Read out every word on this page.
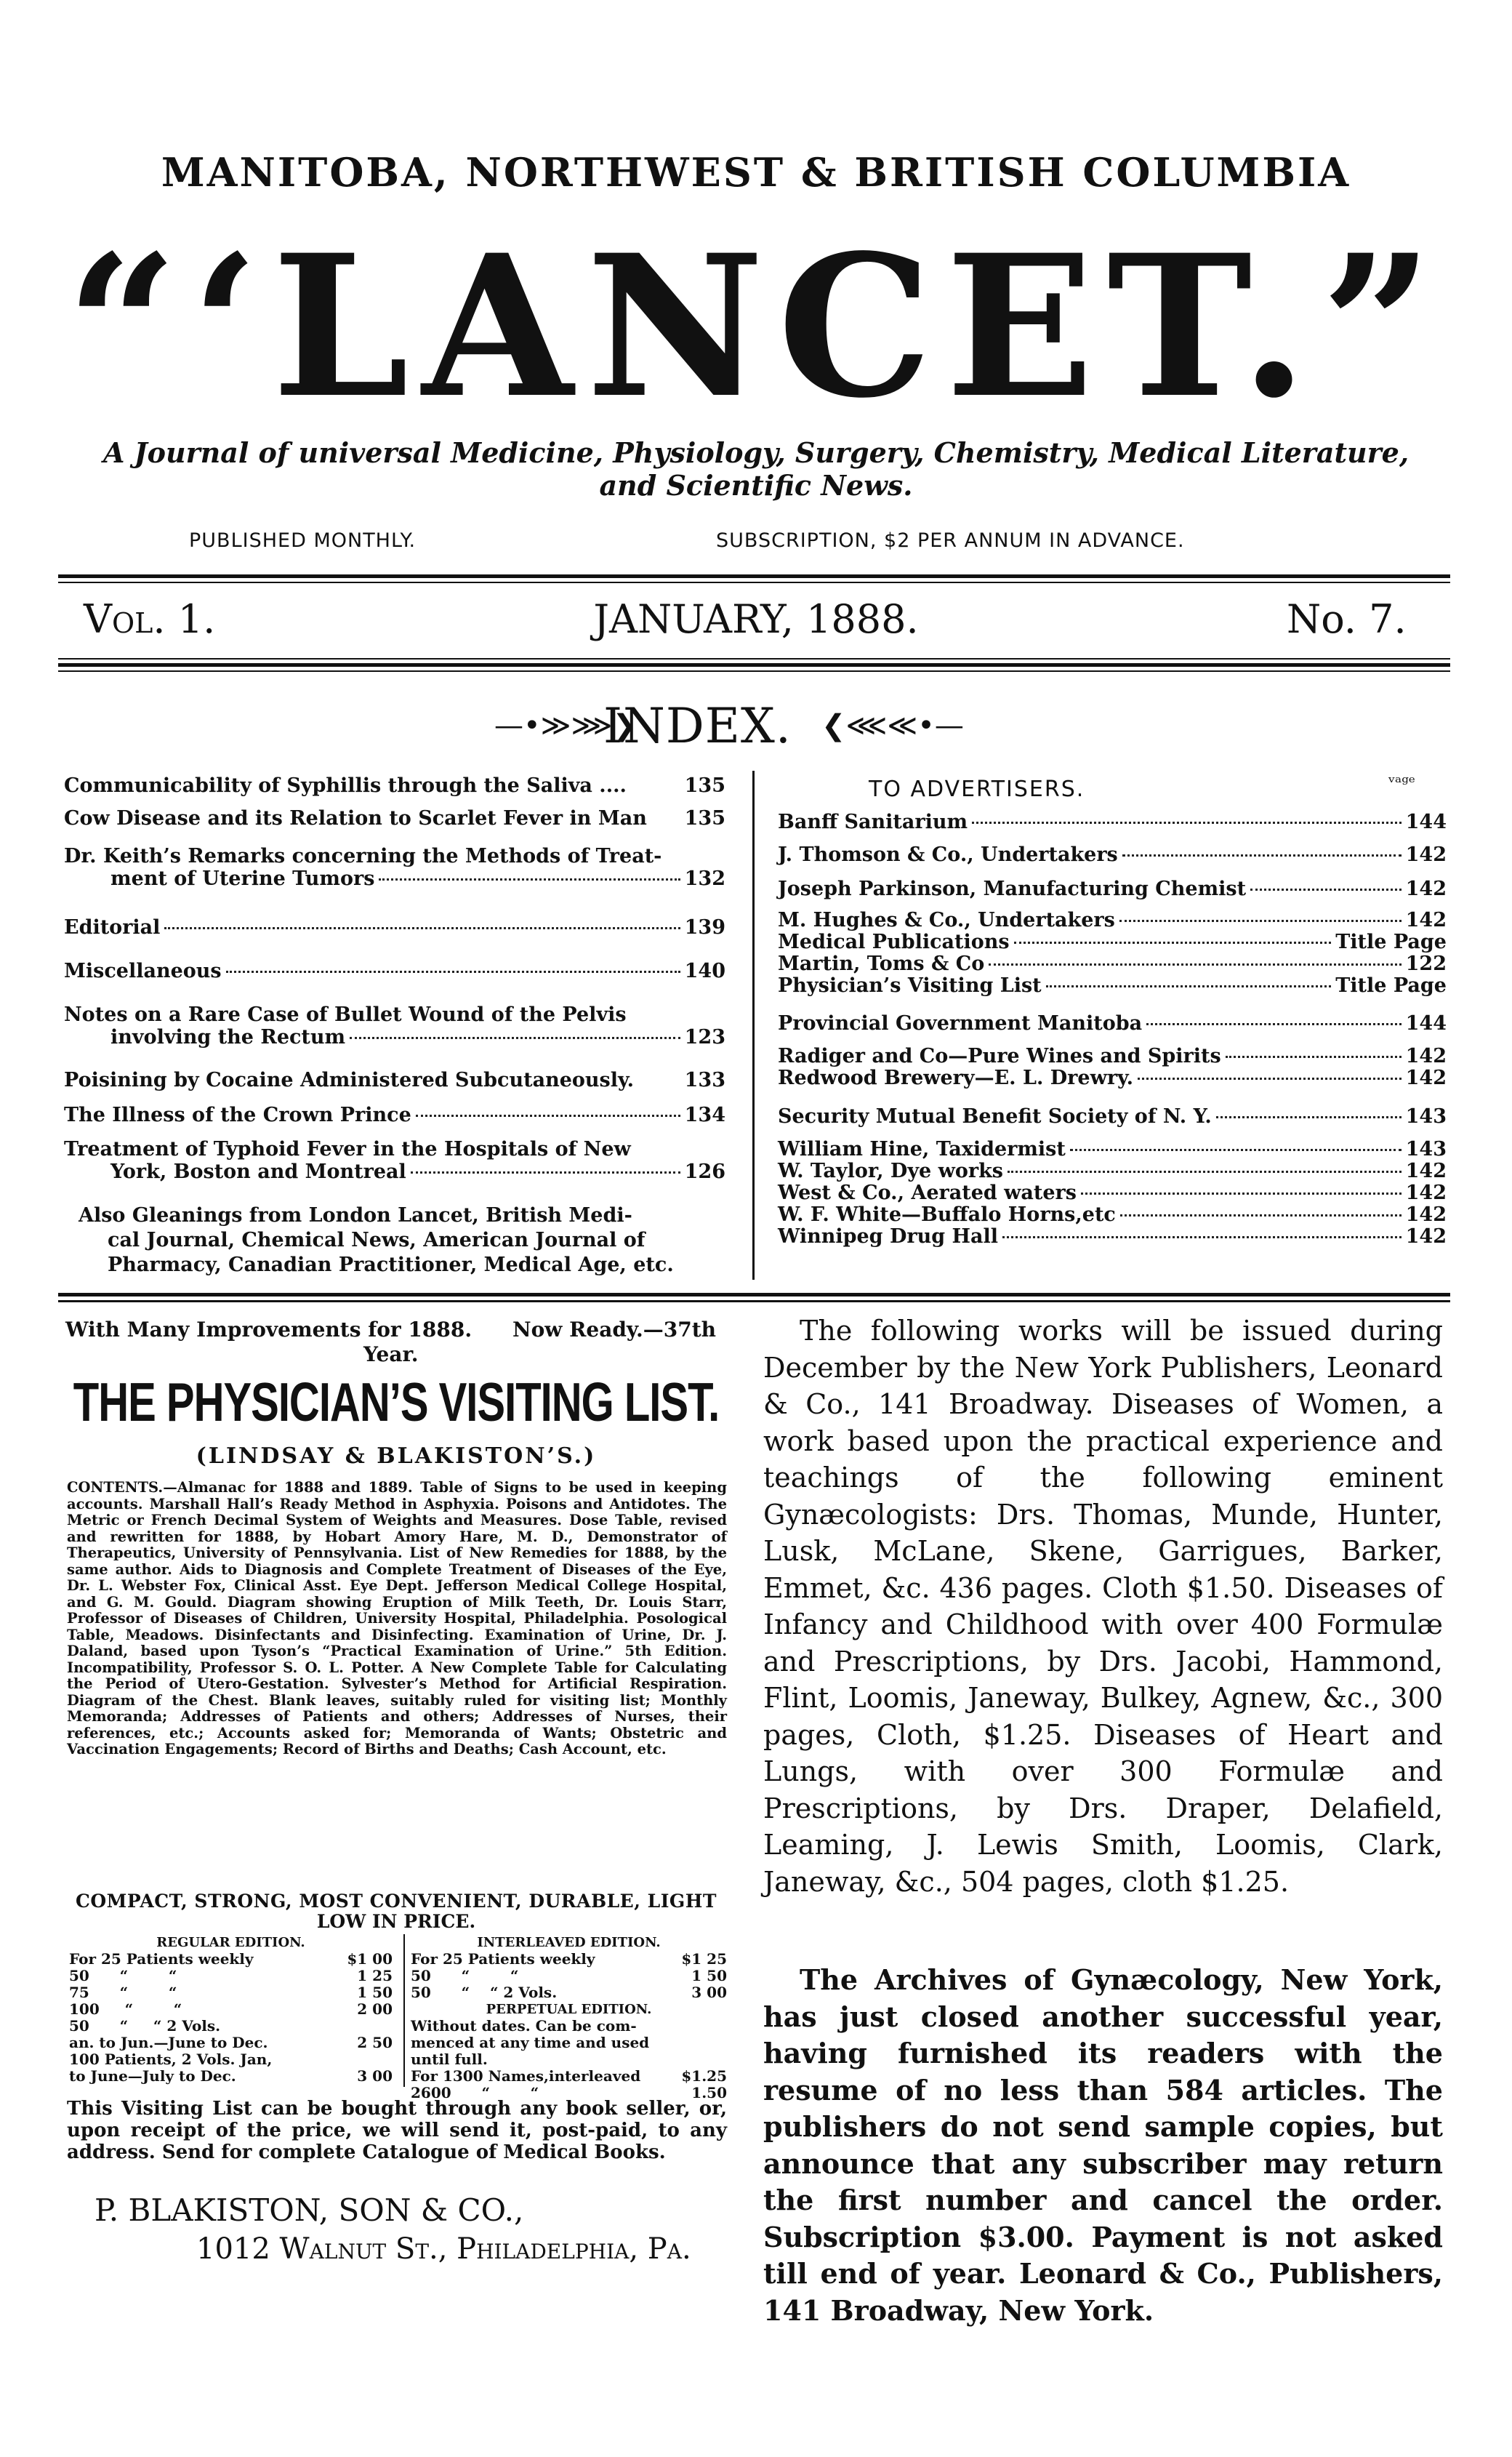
MANITOBA, NORTHWEST & BRITISH COLUMBIA
“‘LANCET.”
A Journal of universal Medicine, Physiology, Surgery, Chemistry, Medical Literature,
and Scientific News.
PUBLISHED MONTHLY.	SUBSCRIPTION, $2 PER ANNUM IN ADVANCE.
Vol. 1.	JANUARY, 1888.	No. 7.
—•≫⋙❯
INDEX. ❮⋘≪•—
Communicability of Syphillis through the Saliva ....	135
Cow Disease and its Relation to Scarlet Fever in Man 135
Dr. Keith’s Remarks concerning the Methods of Treat-
ment of Uterine Tumors	132
Editorial	139
Miscellaneous	140
Notes on a Rare Case of Bullet Wound of the Pelvis
involving the Rectum	123
Poisining by Cocaine Administered Subcutaneously.	133
The Illness of the Crown Prince	134
Treatment of Typhoid Fever in the Hospitals of New
York, Boston and Montreal	126
Also Gleanings from London Lancet, British Medi-
cal Journal, Chemical News, American Journal of
Pharmacy, Canadian Practitioner, Medical Age, etc.
TO ADVERTISERS.	ᵛᵃᵍᵉ
Banff Sanitarium	144
J. Thomson & Co., Undertakers	142
Joseph Parkinson, Manufacturing Chemist	142
M. Hughes & Co., Undertakers	142
Medical Publications	Title Page
Martin, Toms & Co	122
Physician’s Visiting List	Title Page
Provincial Government Manitoba	144
Radiger and Co—Pure Wines and Spirits	142
Redwood Brewery—E. L. Drewry.	142
Security Mutual Benefit Society of N. Y.	143
William Hine, Taxidermist	143
W. Taylor, Dye works	142
West & Co., Aerated waters	142
W. F. White—Buffalo Horns,etc	142
Winnipeg Drug Hall	142
With Many Improvements for 1888. Now Ready.—37th
Year.
THE PHYSICIAN’S VISITING LIST.
(LINDSAY & BLAKISTON’S.)
CONTENTS.—Almanac for 1888 and 1889. Table of Signs to be used in keeping accounts. Marshall Hall’s Ready Method in Asphyxia. Poisons and Antidotes. The Metric or French Decimal System of Weights and Measures. Dose Table, revised and rewritten for 1888, by Hobart Amory Hare, M. D., Demonstrator of Therapeutics, University of Pennsylvania. List of New Remedies for 1888, by the same author. Aids to Diagnosis and Complete Treatment of Diseases of the Eye, Dr. L. Webster Fox, Clinical Asst. Eye Dept. Jefferson Medical College Hospital, and G. M. Gould. Diagram showing Eruption of Milk Teeth, Dr. Louis Starr, Professor of Diseases of Children, University Hospital, Philadelphia. Posological Table, Meadows. Disinfectants and Disinfecting. Examination of Urine, Dr. J. Daland, based upon Tyson’s “Practical Examination of Urine.” 5th Edition. Incompatibility, Professor S. O. L. Potter. A New Complete Table for Calculating the Period of Utero-Gestation. Sylvester’s Method for Artificial Respiration. Diagram of the Chest. Blank leaves, suitably ruled for visiting list; Monthly Memoranda; Addresses of Patients and others; Addresses of Nurses, their references, etc.; Accounts asked for; Memoranda of Wants; Obstetric and Vaccination Engagements; Record of Births and Deaths; Cash Account, etc.
COMPACT, STRONG, MOST CONVENIENT, DURABLE, LIGHT
LOW IN PRICE.
REGULAR EDITION.
For 25 Patients weekly	$1 00
50      “        “	1 25
75      “        “	1 50
100     “        “	2 00
50      “     “ 2 Vols.
an. to Jun.—June to Dec.	2 50
100 Patients, 2 Vols. Jan,
to June—July to Dec.	3 00
INTERLEAVED EDITION.
For 25 Patients weekly	$1 25
50      “        “	1 50
50      “    “ 2 Vols.	3 00
PERPETUAL EDITION.
Without dates. Can be com-
menced at any time and used
until full.
For 1300 Names,interleaved	$1.25
2600      “        “	1.50
This Visiting List can be bought through any book seller, or, upon receipt of the price, we will send it, post-paid, to any address. Send for complete Catalogue of Medical Books.
P. BLAKISTON, SON & CO.,
1012 Walnut St., Philadelphia, Pa.
The following works will be issued during December by the New York Publishers, Leonard & Co., 141 Broadway. Diseases of Women, a work based upon the practical experience and teachings of the following eminent Gynæcologists: Drs. Thomas, Munde, Hunter, Lusk, McLane, Skene, Garrigues, Barker, Emmet, &c. 436 pages. Cloth $1.50. Diseases of Infancy and Childhood with over 400 Formulæ and Prescriptions, by Drs. Jacobi, Hammond, Flint, Loomis, Janeway, Bulkey, Agnew, &c., 300 pages, Cloth, $1.25. Diseases of Heart and Lungs, with over 300 Formulæ and Prescriptions, by Drs. Draper, Delafield, Leaming, J. Lewis Smith, Loomis, Clark, Janeway, &c., 504 pages, cloth $1.25.
The Archives of Gynæcology, New York, has just closed another successful year, having furnished its readers with the resume of no less than 584 articles. The publishers do not send sample copies, but announce that any subscriber may return the first number and cancel the order. Subscription $3.00. Payment is not asked till end of year. Leonard & Co., Publishers, 141 Broadway, New York.
